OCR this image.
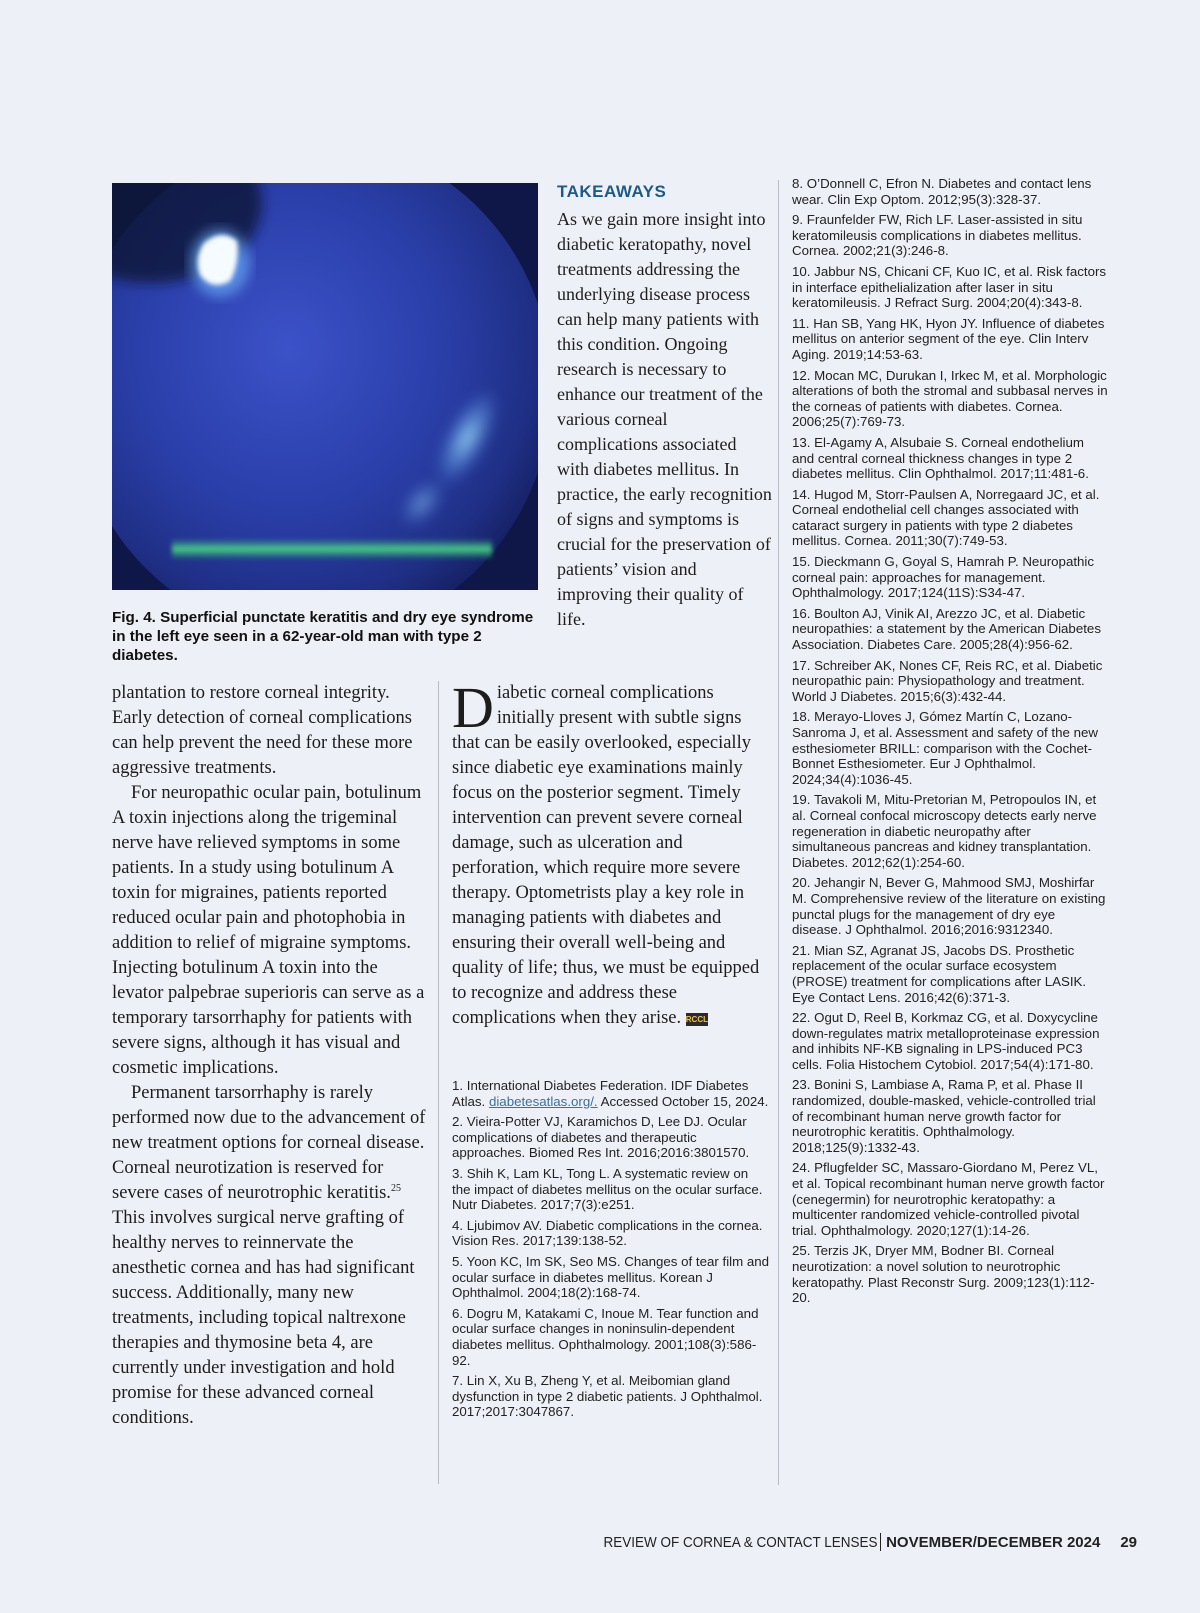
Fig. 4. Superficial punctate keratitis and dry eye syndrome in the left eye seen in a 62-year-old man with type 2 diabetes.
TAKEAWAYS

As we gain more insight into diabetic keratopathy, novel treatments addressing the underlying disease process can help many patients with this condition. Ongoing research is necessary to enhance our treatment of the various corneal complications associated with diabetes mellitus. In practice, the early recognition of signs and symptoms is crucial for the preservation of patients’ vision and improving their quality of life.

plantation to restore corneal integrity. Early detection of corneal complications can help prevent the need for these more aggressive treatments.

For neuropathic ocular pain, botulinum A toxin injections along the trigeminal nerve have relieved symptoms in some patients. In a study using botulinum A toxin for migraines, patients reported reduced ocular pain and photophobia in addition to relief of migraine symptoms. Injecting botulinum A toxin into the levator palpebrae superioris can serve as a temporary tarsorrhaphy for patients with severe signs, although it has visual and cosmetic implications.

Permanent tarsorrhaphy is rarely performed now due to the advancement of new treatment options for corneal disease. Corneal neurotization is reserved for severe cases of neurotrophic keratitis.$^{25}$ This involves surgical nerve grafting of healthy nerves to reinnervate the anesthetic cornea and has had significant success. Additionally, many new treatments, including topical naltrexone therapies and thymosine beta 4, are currently under investigation and hold promise for these advanced corneal conditions.

Diabetic corneal complications initially present with subtle signs that can be easily overlooked, especially since diabetic eye examinations mainly focus on the posterior segment. Timely intervention can prevent severe corneal damage, such as ulceration and perforation, which require more severe therapy. Optometrists play a key role in managing patients with diabetes and ensuring their overall well-being and quality of life; thus, we must be equipped to recognize and address these complications when they arise. RCCL

1. International Diabetes Federation. IDF Diabetes Atlas. diabetesatlas.org/. Accessed October 15, 2024.
2. Vieira-Potter VJ, Karamichos D, Lee DJ. Ocular complications of diabetes and therapeutic approaches. Biomed Res Int. 2016;2016:3801570.
3. Shih K, Lam KL, Tong L. A systematic review on the impact of diabetes mellitus on the ocular surface. Nutr Diabetes. 2017;7(3):e251.
4. Ljubimov AV. Diabetic complications in the cornea. Vision Res. 2017;139:138-52.
5. Yoon KC, Im SK, Seo MS. Changes of tear film and ocular surface in diabetes mellitus. Korean J Ophthalmol. 2004;18(2):168-74.
6. Dogru M, Katakami C, Inoue M. Tear function and ocular surface changes in noninsulin-dependent diabetes mellitus. Ophthalmology. 2001;108(3):586-92.
7. Lin X, Xu B, Zheng Y, et al. Meibomian gland dysfunction in type 2 diabetic patients. J Ophthalmol. 2017;2017:3047867.
8. O’Donnell C, Efron N. Diabetes and contact lens wear. Clin Exp Optom. 2012;95(3):328-37.
9. Fraunfelder FW, Rich LF. Laser-assisted in situ keratomileusis complications in diabetes mellitus. Cornea. 2002;21(3):246-8.
10. Jabbur NS, Chicani CF, Kuo IC, et al. Risk factors in interface epithelialization after laser in situ keratomileusis. J Refract Surg. 2004;20(4):343-8.
11. Han SB, Yang HK, Hyon JY. Influence of diabetes mellitus on anterior segment of the eye. Clin Interv Aging. 2019;14:53-63.
12. Mocan MC, Durukan I, Irkec M, et al. Morphologic alterations of both the stromal and subbasal nerves in the corneas of patients with diabetes. Cornea. 2006;25(7):769-73.
13. El-Agamy A, Alsubaie S. Corneal endothelium and central corneal thickness changes in type 2 diabetes mellitus. Clin Ophthalmol. 2017;11:481-6.
14. Hugod M, Storr-Paulsen A, Norregaard JC, et al. Corneal endothelial cell changes associated with cataract surgery in patients with type 2 diabetes mellitus. Cornea. 2011;30(7):749-53.
15. Dieckmann G, Goyal S, Hamrah P. Neuropathic corneal pain: approaches for management. Ophthalmology. 2017;124(11S):S34-47.
16. Boulton AJ, Vinik AI, Arezzo JC, et al. Diabetic neuropathies: a statement by the American Diabetes Association. Diabetes Care. 2005;28(4):956-62.
17. Schreiber AK, Nones CF, Reis RC, et al. Diabetic neuropathic pain: Physiopathology and treatment. World J Diabetes. 2015;6(3):432-44.
18. Merayo-Lloves J, Gómez Martín C, Lozano-Sanroma J, et al. Assessment and safety of the new esthesiometer BRILL: comparison with the Cochet-Bonnet Esthesiometer. Eur J Ophthalmol. 2024;34(4):1036-45.
19. Tavakoli M, Mitu-Pretorian M, Petropoulos IN, et al. Corneal confocal microscopy detects early nerve regeneration in diabetic neuropathy after simultaneous pancreas and kidney transplantation. Diabetes. 2012;62(1):254-60.
20. Jehangir N, Bever G, Mahmood SMJ, Moshirfar M. Comprehensive review of the literature on existing punctal plugs for the management of dry eye disease. J Ophthalmol. 2016;2016:9312340.
21. Mian SZ, Agranat JS, Jacobs DS. Prosthetic replacement of the ocular surface ecosystem (PROSE) treatment for complications after LASIK. Eye Contact Lens. 2016;42(6):371-3.
22. Ogut D, Reel B, Korkmaz CG, et al. Doxycycline down-regulates matrix metalloproteinase expression and inhibits NF-KB signaling in LPS-induced PC3 cells. Folia Histochem Cytobiol. 2017;54(4):171-80.
23. Bonini S, Lambiase A, Rama P, et al. Phase II randomized, double-masked, vehicle-controlled trial of recombinant human nerve growth factor for neurotrophic keratitis. Ophthalmology. 2018;125(9):1332-43.
24. Pflugfelder SC, Massaro-Giordano M, Perez VL, et al. Topical recombinant human nerve growth factor (cenegermin) for neurotrophic keratopathy: a multicenter randomized vehicle-controlled pivotal trial. Ophthalmology. 2020;127(1):14-26.
25. Terzis JK, Dryer MM, Bodner BI. Corneal neurotization: a novel solution to neurotrophic keratopathy. Plast Reconstr Surg. 2009;123(1):112-20.
REVIEW OF CORNEA & CONTACT LENSES NOVEMBER/DECEMBER 2024 29
